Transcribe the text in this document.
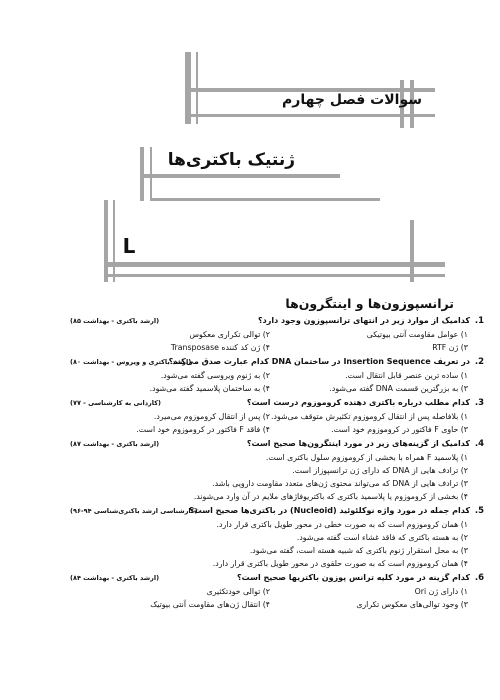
سوالات فصل چهارم
ژنتیک باکتری‌ها
L
ترانسپوزون‌ها و اینتگرون‌ها
.1
کدامیک از موارد زیر در انتهای ترانسپوزون وجود دارد؟
(ارشد باکتری - بهداشت ۸۵)
۱) عوامل مقاومت آنتی بیوتیکی
۲) توالی تکراری معکوس
۳) ژن RTF
۴) ژن کد کننده Transposase
.2
در تعریف Insertion Sequence در ساختمان DNA کدام عبارت صدق می‌کند؟
(ارشد باکتری و ویروس - بهداشت ۸۰)
۱) ساده ترین عنصر قابل انتقال است.
۲) به ژنوم ویروسی گفته می‌شود.
۳) به بزرگترین قسمت DNA گفته می‌شود.
۴) به ساختمان پلاسمید گفته می‌شود.
.3
کدام مطلب درباره باکتری دهنده کروموزوم درست است؟
(کاردانی به کارشناسی - ۷۷)
۱) بلافاصله پس از انتقال کروموزوم تکثیرش متوقف می‌شود.
۲) پس از انتقال کروموزوم می‌میرد.
۳) حاوی F فاکتور در کروموزوم خود است.
۴) فاقد F فاکتور در کروموزوم خود است.
.4
کدامیک از گزینه‌های زیر در مورد اینتگرون‌ها صحیح است؟
(ارشد باکتری - بهداشت ۸۷)
۱) پلاسمید F همراه با بخشی از کروموزوم سلول باکتری است.
۲) ترادف هایی از DNA که دارای ژن ترانسپوزاز است.
۳) ترادف هایی از DNA که می‌تواند محتوی ژن‌های متعدد مقاومت دارویی باشد.
۴) بخشی از کروموزوم یا پلاسمید باکتری که باکتریوفاژهای ملایم در آن وارد می‌شوند.
.5
کدام جمله در مورد واژه نوکلئوئید (Nucleoid) در باکتری‌ها صحیح است؟
(کارشناسی ارشد باکتری‌شناسی ۹۴-۹۶)
۱) همان کروموزوم است که به صورت خطی در محور طویل باکتری قرار دارد.
۲) به هسته باکتری که فاقد غشاء است گفته می‌شود.
۳) به محل استقرار ژنوم باکتری که شبیه هسته است، گفته می‌شود.
۴) همان کروموزوم است که به صورت حلقوی در محور طویل باکتری قرار دارد.
.6
کدام گزینه در مورد کلیه ترانس پوزون باکتریها صحیح است؟
(ارشد باکتری - بهداشت ۸۴)
۱) دارای ژن Ori
۲) توالی خودتکثیری
۳) وجود توالی‌های معکوس تکراری
۴) انتقال ژن‌های مقاومت آنتی بیوتیک
